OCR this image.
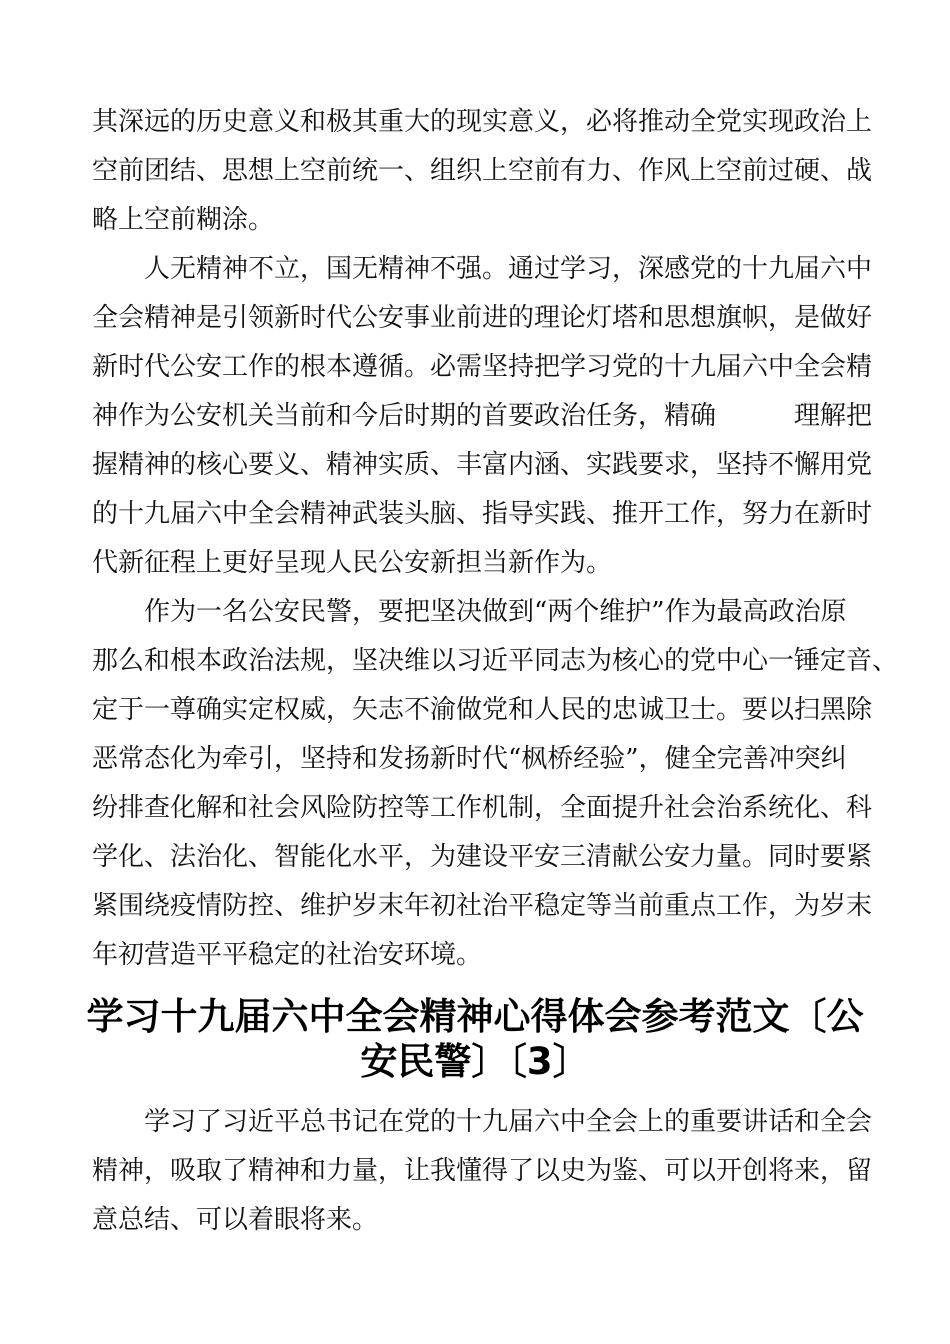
其深远的历史意义和极其重大的现实意义，必将推动全党实现政治上
空前团结、思想上空前统一、组织上空前有力、作风上空前过硬、战
略上空前糊涂。
人无精神不立，国无精神不强。通过学习，深感党的十九届六中
全会精神是引领新时代公安事业前进的理论灯塔和思想旗帜，是做好
新时代公安工作的根本遵循。必需坚持把学习党的十九届六中全会精
神作为公安机关当前和今后时期的首要政治任务，精确　　　理解把
握精神的核心要义、精神实质、丰富内涵、实践要求，坚持不懈用党
的十九届六中全会精神武装头脑、指导实践、推开工作，努力在新时
代新征程上更好呈现人民公安新担当新作为。
作为一名公安民警，要把坚决做到“两个维护”作为最高政治原
那么和根本政治法规，坚决维以习近平同志为核心的党中心一锤定音、
定于一尊确实定权威，矢志不渝做党和人民的忠诚卫士。要以扫黑除
恶常态化为牵引，坚持和发扬新时代“枫桥经验”，健全完善冲突纠
纷排查化解和社会风险防控等工作机制，全面提升社会治系统化、科
学化、法治化、智能化水平，为建设平安三清献公安力量。同时要紧
紧围绕疫情防控、维护岁末年初社治平稳定等当前重点工作，为岁末
年初营造平平稳定的社治安环境。
学习十九届六中全会精神心得体会参考范文〔公
安民警〕〔3〕
学习了习近平总书记在党的十九届六中全会上的重要讲话和全会
精神，吸取了精神和力量，让我懂得了以史为鉴、可以开创将来，留
意总结、可以着眼将来。
